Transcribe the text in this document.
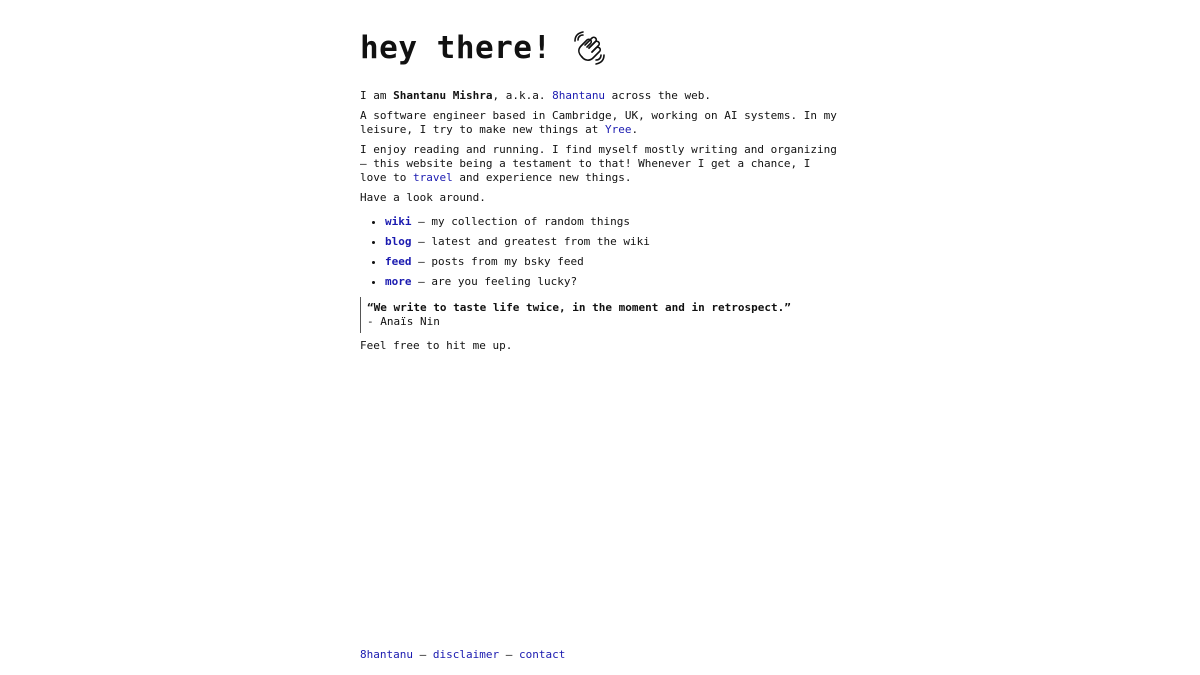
hey there!

I am Shantanu Mishra, a.k.a. 8hantanu across the web.

A software engineer based in Cambridge, UK, working on AI systems. In my leisure, I try to make new things at Yree.

I enjoy reading and running. I find myself mostly writing and organizing — this website being a testament to that! Whenever I get a chance, I love to travel and experience new things.

Have a look around.

• wiki — my collection of random things
• blog — latest and greatest from the wiki
• feed — posts from my bsky feed
• more — are you feeling lucky?
“We write to taste life twice, in the moment and in retrospect.”
- Anaïs Nin

Feel free to hit me up.

8hantanu — disclaimer — contact
